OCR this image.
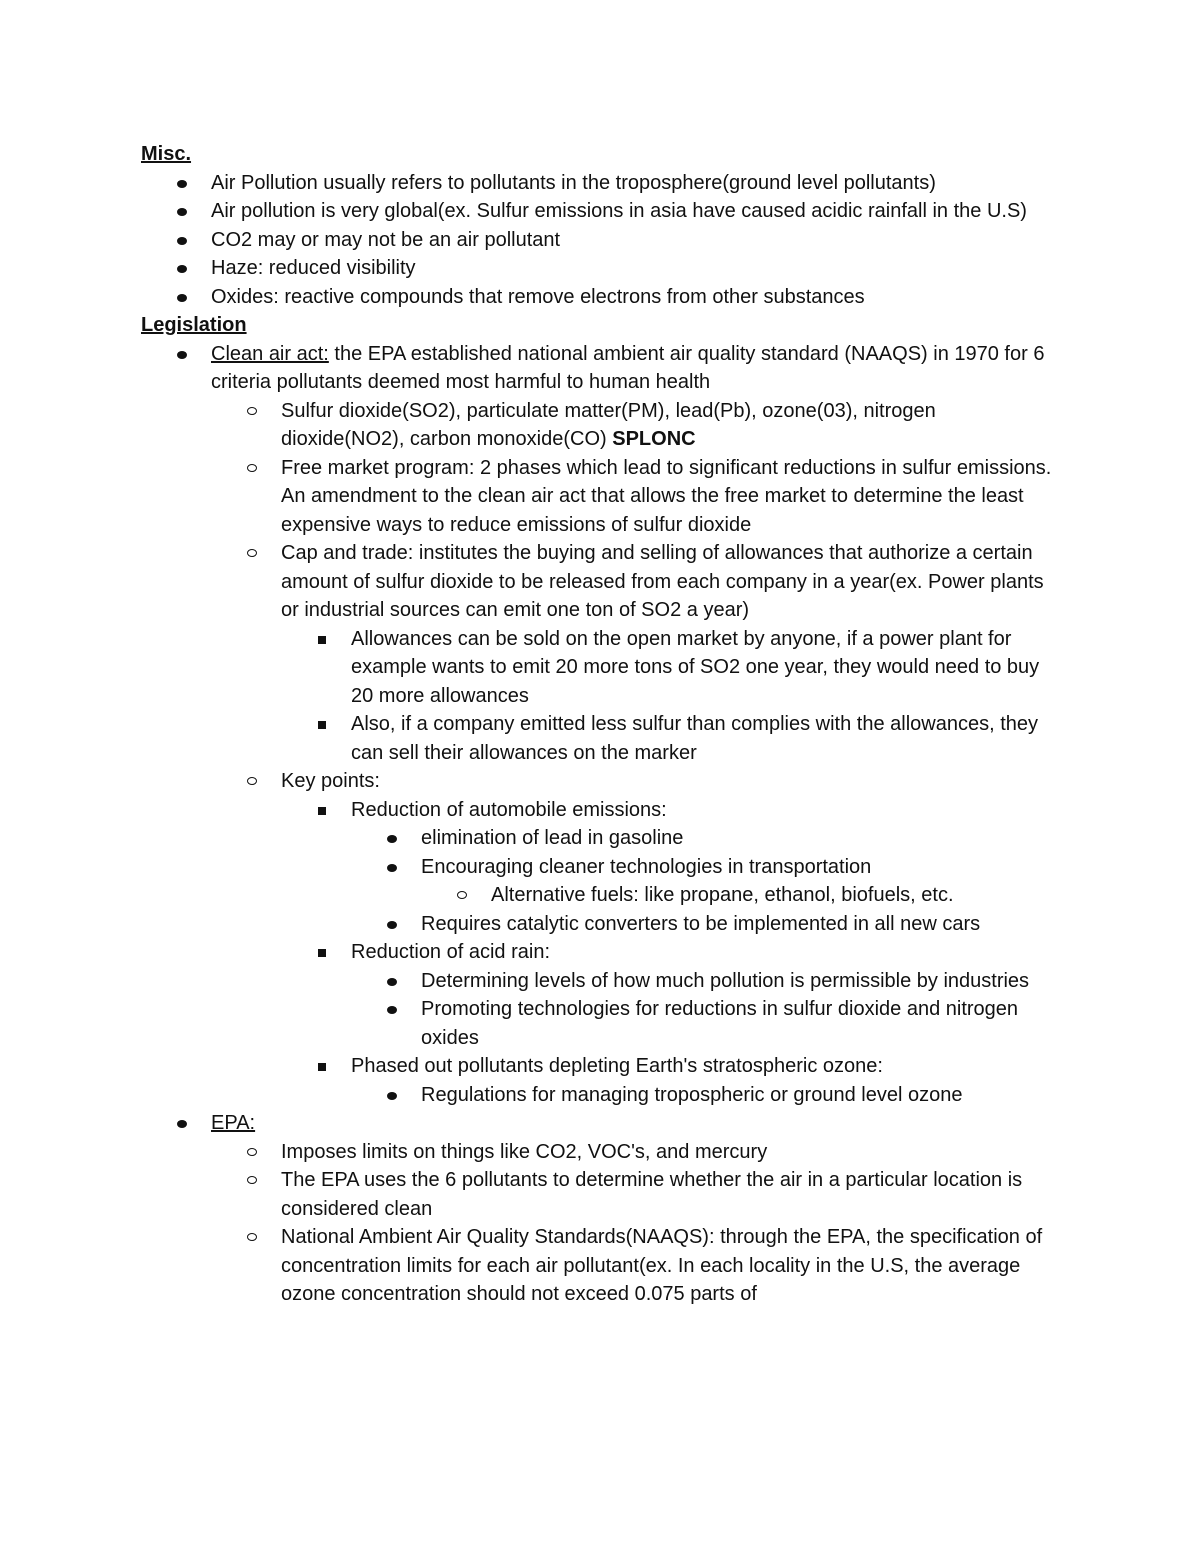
Misc.
Air Pollution usually refers to pollutants in the troposphere(ground level pollutants)
Air pollution is very global(ex. Sulfur emissions in asia have caused acidic rainfall in the U.S)
CO2 may or may not be an air pollutant
Haze: reduced visibility
Oxides: reactive compounds that remove electrons from other substances
Legislation
Clean air act: the EPA established national ambient air quality standard (NAAQS) in 1970 for 6 criteria pollutants deemed most harmful to human health
Sulfur dioxide(SO2), particulate matter(PM), lead(Pb), ozone(03), nitrogen dioxide(NO2), carbon monoxide(CO) SPLONC
Free market program: 2 phases which lead to significant reductions in sulfur emissions. An amendment to the clean air act that allows the free market to determine the least expensive ways to reduce emissions of sulfur dioxide
Cap and trade: institutes the buying and selling of allowances that authorize a certain amount of sulfur dioxide to be released from each company in a year(ex. Power plants or industrial sources can emit one ton of SO2 a year)
Allowances can be sold on the open market by anyone, if a power plant for example wants to emit 20 more tons of SO2 one year, they would need to buy 20 more allowances
Also, if a company emitted less sulfur than complies with the allowances, they can sell their allowances on the marker
Key points:
Reduction of automobile emissions:
elimination of lead in gasoline
Encouraging cleaner technologies in transportation
Alternative fuels: like propane, ethanol, biofuels, etc.
Requires catalytic converters to be implemented in all new cars
Reduction of acid rain:
Determining levels of how much pollution is permissible by industries
Promoting technologies for reductions in sulfur dioxide and nitrogen oxides
Phased out pollutants depleting Earth's stratospheric ozone:
Regulations for managing tropospheric or ground level ozone
EPA:
Imposes limits on things like CO2, VOC's, and mercury
The EPA uses the 6 pollutants to determine whether the air in a particular location is considered clean
National Ambient Air Quality Standards(NAAQS): through the EPA, the specification of concentration limits for each air pollutant(ex. In each locality in the U.S, the average ozone concentration should not exceed 0.075 parts of
